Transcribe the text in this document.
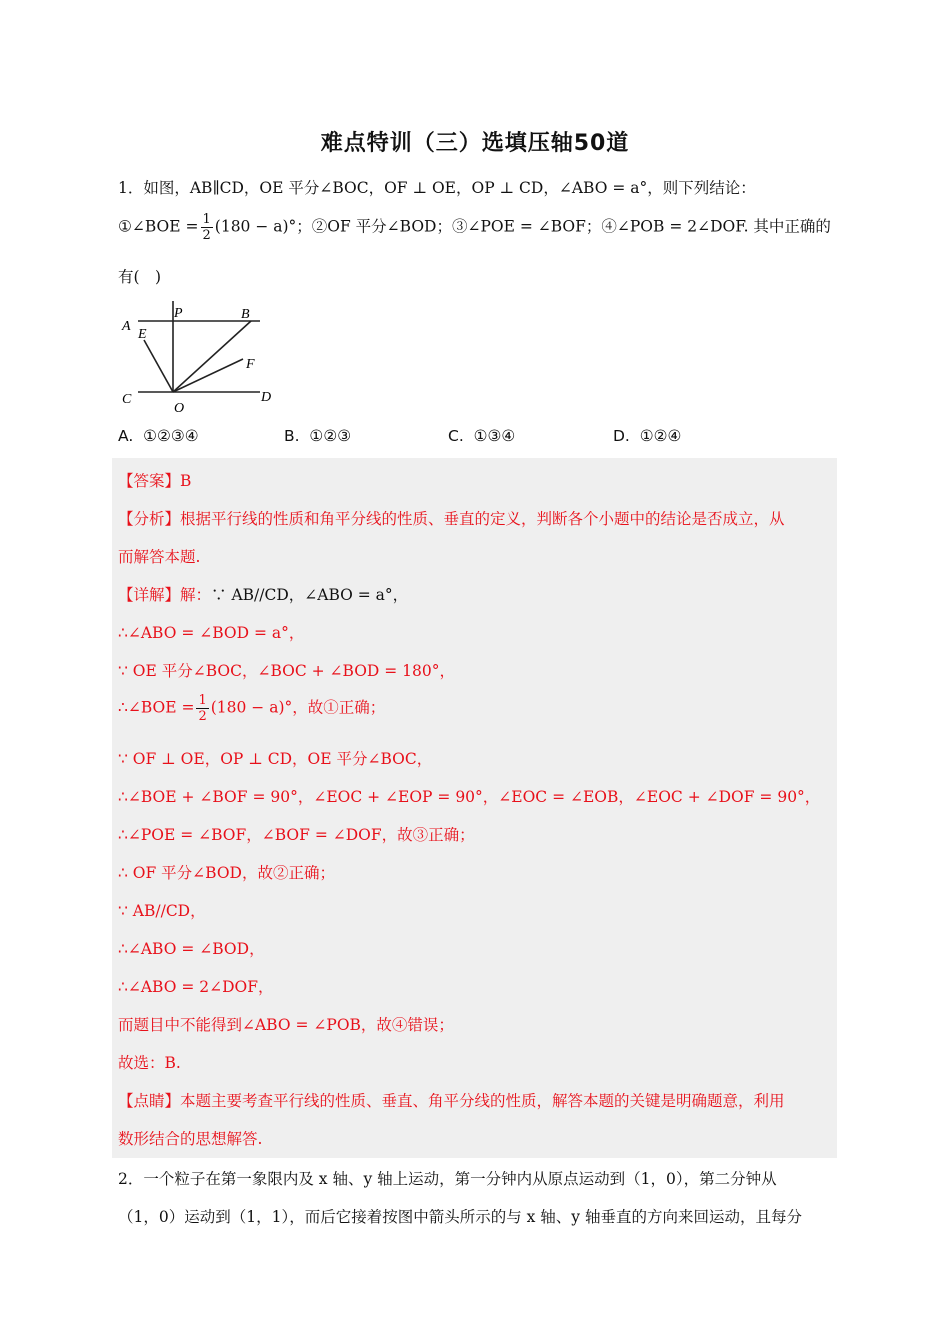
难点特训（三）选填压轴50道
1．如图，AB∥CD，OE 平分∠BOC，OF ⊥ OE，OP ⊥ CD，∠ABO = a°，则下列结论：
①∠BOE = $\frac{1}{2} (180 - a)^\circ$；②OF 平分∠BOD；③∠POE = ∠BOF；④∠POB = 2∠DOF. 其中正确的
有(　)
A
E
P	B
F
C
O
D
A. ①②③④	B. ①②③	C. ①③④	D. ①②④
【答案】B
【分析】根据平行线的性质和角平分线的性质、垂直的定义，判断各个小题中的结论是否成立，从
而解答本题.
【详解】解：∵ AB//CD，∠ABO = a°，
∴∠ABO = ∠BOD = a°，
∵ OE 平分∠BOC，∠BOC + ∠BOD = 180°，
∴∠BOE = $\frac{1}{2} (180 - a)^\circ$，故①正确；
∵ OF ⊥ OE，OP ⊥ CD，OE 平分∠BOC，
∴∠BOE + ∠BOF = 90°，∠EOC + ∠EOP = 90°，∠EOC = ∠EOB，∠EOC + ∠DOF = 90°，
∴∠POE = ∠BOF，∠BOF = ∠DOF，故③正确；
∴ OF 平分∠BOD，故②正确；
∵ AB//CD，
∴∠ABO = ∠BOD，
∴∠ABO = 2∠DOF，
而题目中不能得到∠ABO = ∠POB，故④错误；
故选：B.
【点睛】本题主要考查平行线的性质、垂直、角平分线的性质，解答本题的关键是明确题意，利用
数形结合的思想解答.
2．一个粒子在第一象限内及 x 轴、y 轴上运动，第一分钟内从原点运动到（1，0），第二分钟从
（1，0）运动到（1，1），而后它接着按图中箭头所示的与 x 轴、y 轴垂直的方向来回运动，且每分
